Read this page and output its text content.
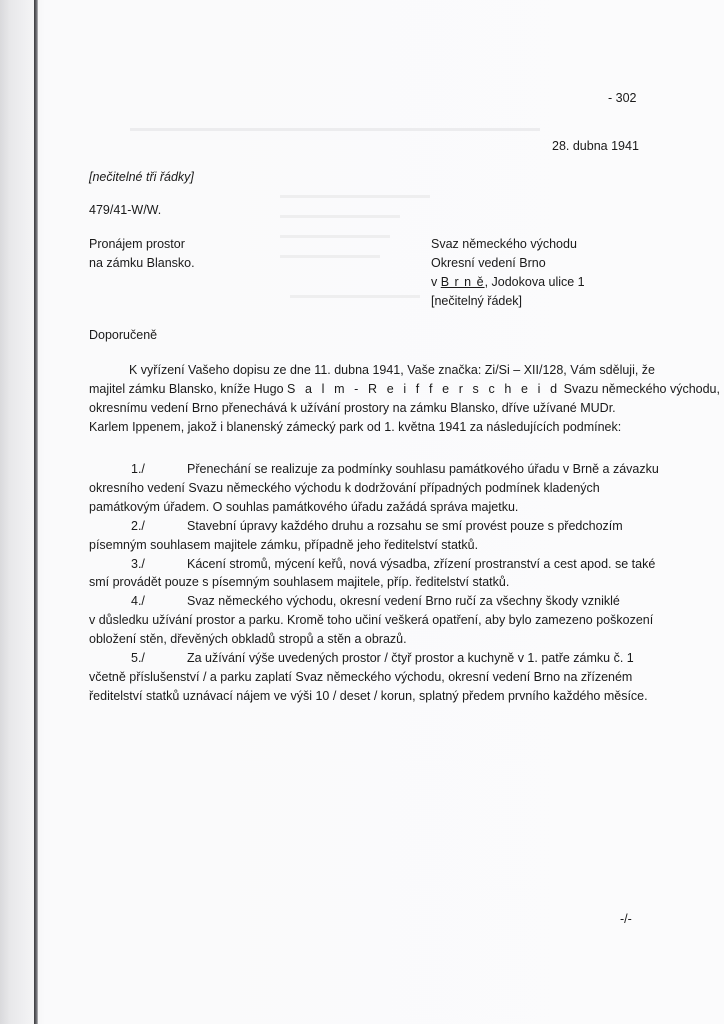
- 302
28. dubna 1941
[nečitelné tři řádky]
479/41-W/W.
Pronájem prostor
na zámku Blansko.
Svaz německého východu
Okresní vedení Brno
v B r n ě, Jodokova ulice 1
[nečitelný řádek]
Doporučeně
K vyřízení Vašeho dopisu ze dne 11. dubna 1941, Vaše značka: Zi/Si – XII/128, Vám sděluji, že
majitel zámku Blansko, kníže Hugo S a l m - R e i f f e r s c h e i d Svazu německého východu,
okresnímu vedení Brno přenechává k užívání prostory na zámku Blansko, dříve užívané MUDr.
Karlem Ippenem, jakož i blanenský zámecký park od 1. května 1941 za následujících podmínek:
1./	Přenechání se realizuje za podmínky souhlasu památkového úřadu v Brně a závazku
okresního vedení Svazu německého východu k dodržování případných podmínek kladených
památkovým úřadem. O souhlas památkového úřadu zažádá správa majetku.
2./	Stavební úpravy každého druhu a rozsahu se smí provést pouze s předchozím
písemným souhlasem majitele zámku, případně jeho ředitelství statků.
3./	Kácení stromů, mýcení keřů, nová výsadba, zřízení prostranství a cest apod. se také
smí provádět pouze s písemným souhlasem majitele, příp. ředitelství statků.
4./	Svaz německého východu, okresní vedení Brno ručí za všechny škody vzniklé
v důsledku užívání prostor a parku. Kromě toho učiní veškerá opatření, aby bylo zamezeno poškození
obložení stěn, dřevěných obkladů stropů a stěn a obrazů.
5./	Za užívání výše uvedených prostor / čtyř prostor a kuchyně v 1. patře zámku č. 1
včetně příslušenství / a parku zaplatí Svaz německého východu, okresní vedení Brno na zřízeném
ředitelství statků uznávací nájem ve výši 10 / deset / korun, splatný předem prvního každého měsíce.
-/-
